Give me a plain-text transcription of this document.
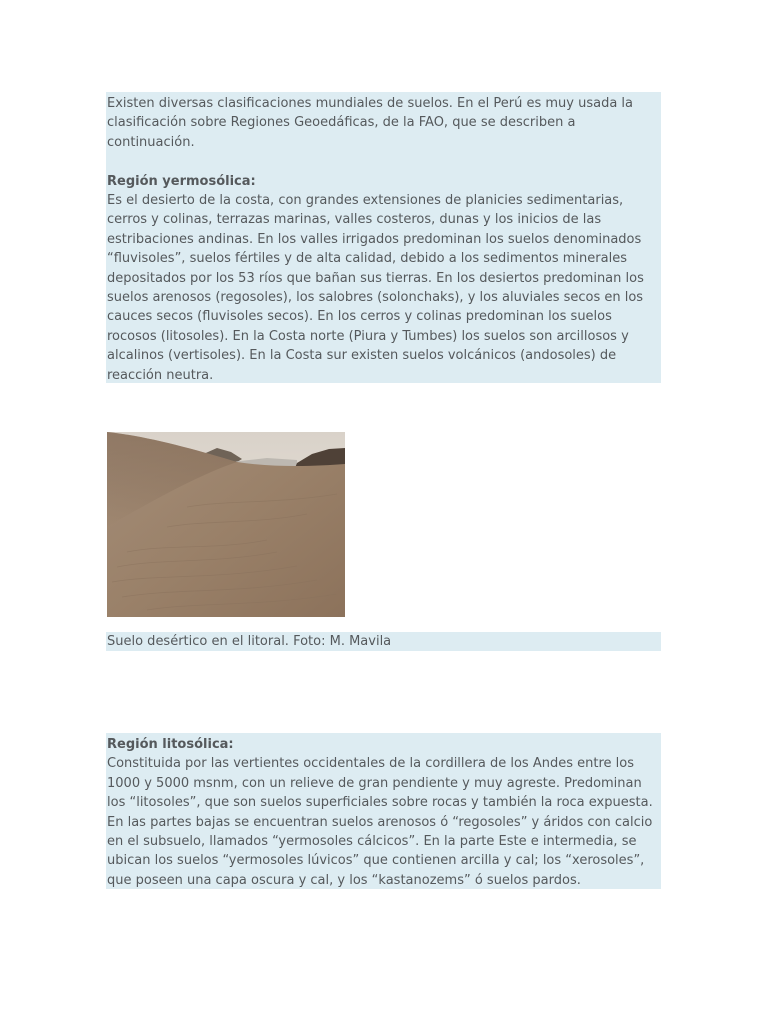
Existen diversas clasificaciones mundiales de suelos. En el Perú es muy usada la clasificación sobre Regiones Geoedáficas, de la FAO, que se describen a continuación.

Región yermosólica:

Es el desierto de la costa, con grandes extensiones de planicies sedimentarias, cerros y colinas, terrazas marinas, valles costeros, dunas y los inicios de las estribaciones andinas. En los valles irrigados predominan los suelos denominados “fluvisoles”, suelos fértiles y de alta calidad, debido a los sedimentos minerales depositados por los 53 ríos que bañan sus tierras. En los desiertos predominan los suelos arenosos (regosoles), los salobres (solonchaks), y los aluviales secos en los cauces secos (fluvisoles secos). En los cerros y colinas predominan los suelos rocosos (litosoles). En la Costa norte (Piura y Tumbes) los suelos son arcillosos y alcalinos (vertisoles). En la Costa sur existen suelos volcánicos (andosoles) de reacción neutra.

Suelo desértico en el litoral. Foto: M. Mavila

Región litosólica:

Constituida por las vertientes occidentales de la cordillera de los Andes entre los 1000 y 5000 msnm, con un relieve de gran pendiente y muy agreste. Predominan los “litosoles”, que son suelos superficiales sobre rocas y también la roca expuesta. En las partes bajas se encuentran suelos arenosos ó “regosoles” y áridos con calcio en el subsuelo, llamados “yermosoles cálcicos”. En la parte Este e intermedia, se ubican los suelos “yermosoles lúvicos” que contienen arcilla y cal; los “xerosoles”, que poseen una capa oscura y cal, y los “kastanozems” ó suelos pardos.
